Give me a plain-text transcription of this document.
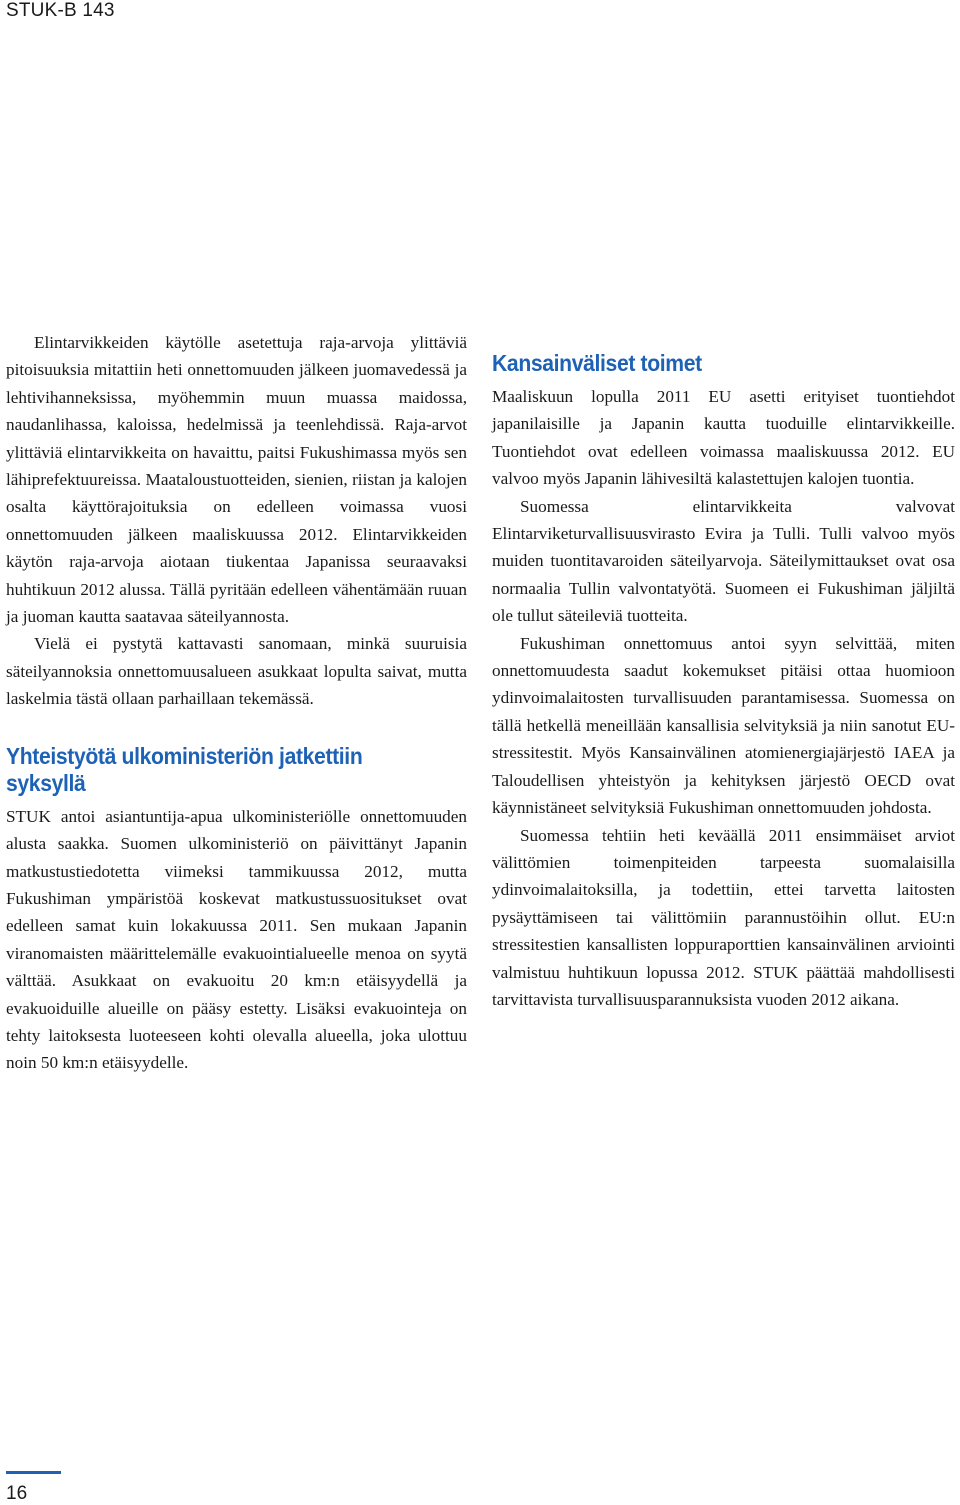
STUK-B 143

Elintarvikkeiden käytölle asetettuja raja-arvoja ylittäviä pitoisuuksia mitattiin heti onnettomuuden jälkeen juomavedessä ja lehtivihanneksissa, myöhemmin muun muassa maidossa, naudanlihassa, kaloissa, hedelmissä ja teenlehdissä. Raja-arvot ylittäviä elintarvikkeita on havaittu, paitsi Fukushimassa myös sen lähiprefektuureissa. Maataloustuotteiden, sienien, riistan ja kalojen osalta käyttörajoituksia on edelleen voimassa vuosi onnettomuuden jälkeen maaliskuussa 2012. Elintarvikkeiden käytön raja-arvoja aiotaan tiukentaa Japanissa seuraavaksi huhtikuun 2012 alussa. Tällä pyritään edelleen vähentämään ruuan ja juoman kautta saatavaa säteilyannosta.

Vielä ei pystytä kattavasti sanomaan, minkä suuruisia säteilyannoksia onnettomuusalueen asukkaat lopulta saivat, mutta laskelmia tästä ollaan parhaillaan tekemässä.

Yhteistyötä ulkoministeriön jatkettiin syksyllä

STUK antoi asiantuntija-apua ulkoministeriölle onnettomuuden alusta saakka. Suomen ulkoministeriö on päivittänyt Japanin matkustustiedotetta viimeksi tammikuussa 2012, mutta Fukushiman ympäristöä koskevat matkustussuositukset ovat edelleen samat kuin lokakuussa 2011. Sen mukaan Japanin viranomaisten määrittelemälle evakuointialueelle menoa on syytä välttää. Asukkaat on evakuoitu 20 km:n etäisyydellä ja evakuoiduille alueille on pääsy estetty. Lisäksi evakuointeja on tehty laitoksesta luoteeseen kohti olevalla alueella, joka ulottuu noin 50 km:n etäisyydelle.

Kansainväliset toimet

Maaliskuun lopulla 2011 EU asetti erityiset tuontiehdot japanilaisille ja Japanin kautta tuoduille elintarvikkeille. Tuontiehdot ovat edelleen voimassa maaliskuussa 2012. EU valvoo myös Japanin lähivesiltä kalastettujen kalojen tuontia.

Suomessa elintarvikkeita valvovat Elintarviketurvallisuusvirasto Evira ja Tulli. Tulli valvoo myös muiden tuontitavaroiden säteilyarvoja. Säteilymittaukset ovat osa normaalia Tullin valvontatyötä. Suomeen ei Fukushiman jäljiltä ole tullut säteileviä tuotteita.

Fukushiman onnettomuus antoi syyn selvittää, miten onnettomuudesta saadut kokemukset pitäisi ottaa huomioon ydinvoimalaitosten turvallisuuden parantamisessa. Suomessa on tällä hetkellä meneillään kansallisia selvityksiä ja niin sanotut EU-stressitestit. Myös Kansainvälinen atomienergiajärjestö IAEA ja Taloudellisen yhteistyön ja kehityksen järjestö OECD ovat käynnistäneet selvityksiä Fukushiman onnettomuuden johdosta.

Suomessa tehtiin heti keväällä 2011 ensimmäiset arviot välittömien toimenpiteiden tarpeesta suomalaisilla ydinvoimalaitoksilla, ja todettiin, ettei tarvetta laitosten pysäyttämiseen tai välittömiin parannustöihin ollut. EU:n stressitestien kansallisten loppuraporttien kansainvälinen arviointi valmistuu huhtikuun lopussa 2012. STUK päättää mahdollisesti tarvittavista turvallisuusparannuksista vuoden 2012 aikana.

16
